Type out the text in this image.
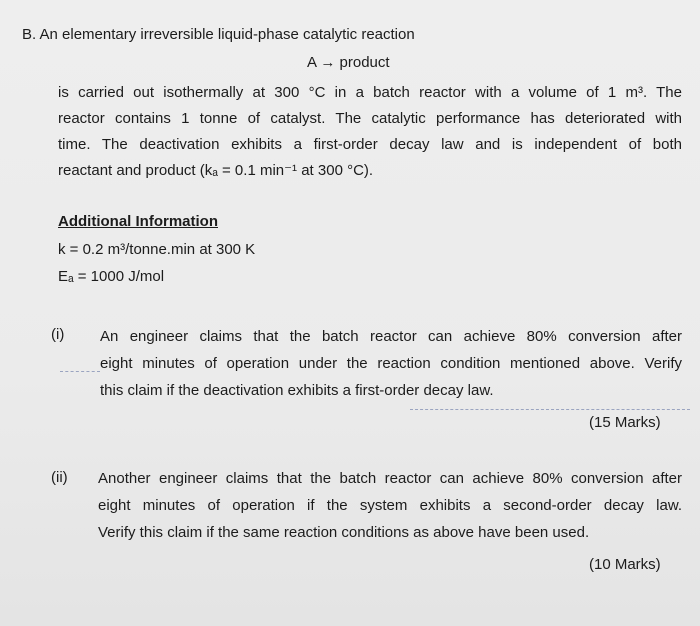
B. An elementary irreversible liquid-phase catalytic reaction
A → product
is carried out isothermally at 300 °C in a batch reactor with a volume of 1 m³. The
reactor contains 1 tonne of catalyst. The catalytic performance has deteriorated with
time. The deactivation exhibits a first-order decay law and is independent of both
reactant and product (kₐ = 0.1 min⁻¹ at 300 °C).
Additional Information
k = 0.2 m³/tonne.min at 300 K
Eₐ = 1000 J/mol
(i) An engineer claims that the batch reactor can achieve 80% conversion after
eight minutes of operation under the reaction condition mentioned above. Verify
this claim if the deactivation exhibits a first-order decay law.
(15 Marks)
(ii) Another engineer claims that the batch reactor can achieve 80% conversion after
eight minutes of operation if the system exhibits a second-order decay law.
Verify this claim if the same reaction conditions as above have been used.
(10 Marks)
